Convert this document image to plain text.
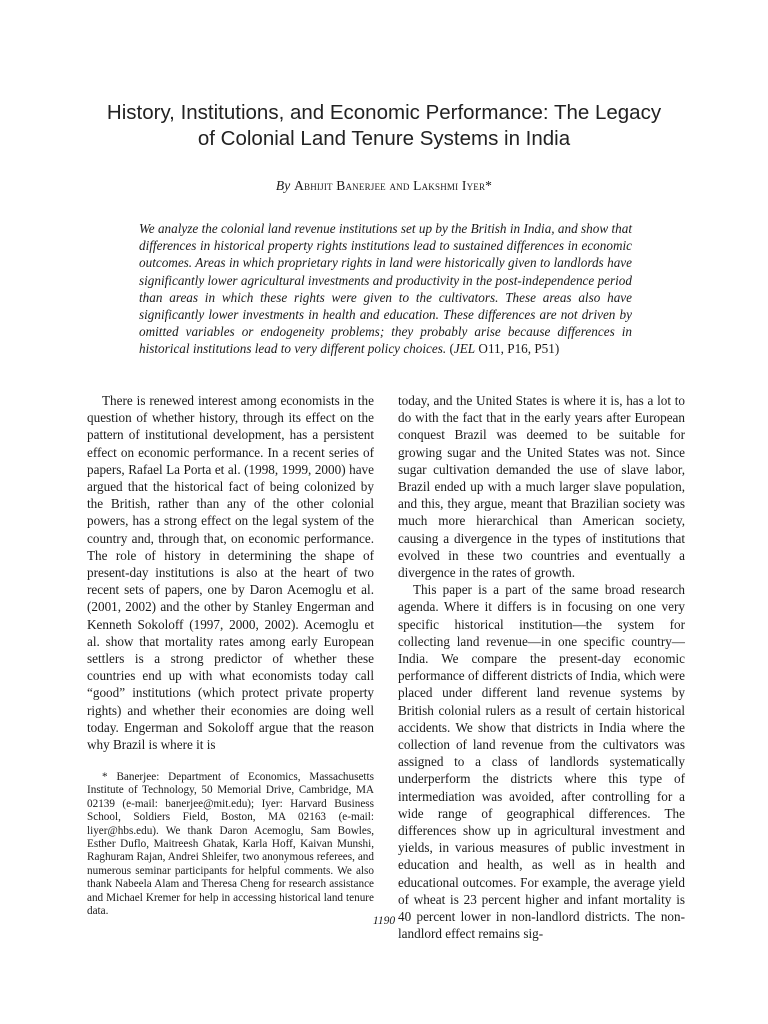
History, Institutions, and Economic Performance: The Legacy
of Colonial Land Tenure Systems in India
By Abhijit Banerjee and Lakshmi Iyer*
We analyze the colonial land revenue institutions set up by the British in India, and show that differences in historical property rights institutions lead to sustained differences in economic outcomes. Areas in which proprietary rights in land were historically given to landlords have significantly lower agricultural investments and productivity in the post-independence period than areas in which these rights were given to the cultivators. These areas also have significantly lower investments in health and education. These differences are not driven by omitted variables or endogeneity problems; they probably arise because differences in historical institutions lead to very different policy choices. (JEL O11, P16, P51)

There is renewed interest among economists in the question of whether history, through its effect on the pattern of institutional development, has a persistent effect on economic performance. In a recent series of papers, Rafael La Porta et al. (1998, 1999, 2000) have argued that the historical fact of being colonized by the British, rather than any of the other colonial powers, has a strong effect on the legal system of the country and, through that, on economic performance. The role of history in determining the shape of present-day institutions is also at the heart of two recent sets of papers, one by Daron Acemoglu et al. (2001, 2002) and the other by Stanley Engerman and Kenneth Sokoloff (1997, 2000, 2002). Acemoglu et al. show that mortality rates among early European settlers is a strong predictor of whether these countries end up with what economists today call “good” institutions (which protect private property rights) and whether their economies are doing well today. Engerman and Sokoloff argue that the reason why Brazil is where it is

today, and the United States is where it is, has a lot to do with the fact that in the early years after European conquest Brazil was deemed to be suitable for growing sugar and the United States was not. Since sugar cultivation demanded the use of slave labor, Brazil ended up with a much larger slave population, and this, they argue, meant that Brazilian society was much more hierarchical than American society, causing a divergence in the types of institutions that evolved in these two countries and eventually a divergence in the rates of growth.

This paper is a part of the same broad research agenda. Where it differs is in focusing on one very specific historical institution—the system for collecting land revenue—in one specific country—India. We compare the present-day economic performance of different districts of India, which were placed under different land revenue systems by British colonial rulers as a result of certain historical accidents. We show that districts in India where the collection of land revenue from the cultivators was assigned to a class of landlords systematically underperform the districts where this type of intermediation was avoided, after controlling for a wide range of geographical differences. The differences show up in agricultural investment and yields, in various measures of public investment in education and health, as well as in health and educational outcomes. For example, the average yield of wheat is 23 percent higher and infant mortality is 40 percent lower in non-landlord districts. The non-landlord effect remains sig-

* Banerjee: Department of Economics, Massachusetts Institute of Technology, 50 Memorial Drive, Cambridge, MA 02139 (e-mail: banerjee@mit.edu); Iyer: Harvard Business School, Soldiers Field, Boston, MA 02163 (e-mail: liyer@hbs.edu). We thank Daron Acemoglu, Sam Bowles, Esther Duflo, Maitreesh Ghatak, Karla Hoff, Kaivan Munshi, Raghuram Rajan, Andrei Shleifer, two anonymous referees, and numerous seminar participants for helpful comments. We also thank Nabeela Alam and Theresa Cheng for research assistance and Michael Kremer for help in accessing historical land tenure data.
1190
